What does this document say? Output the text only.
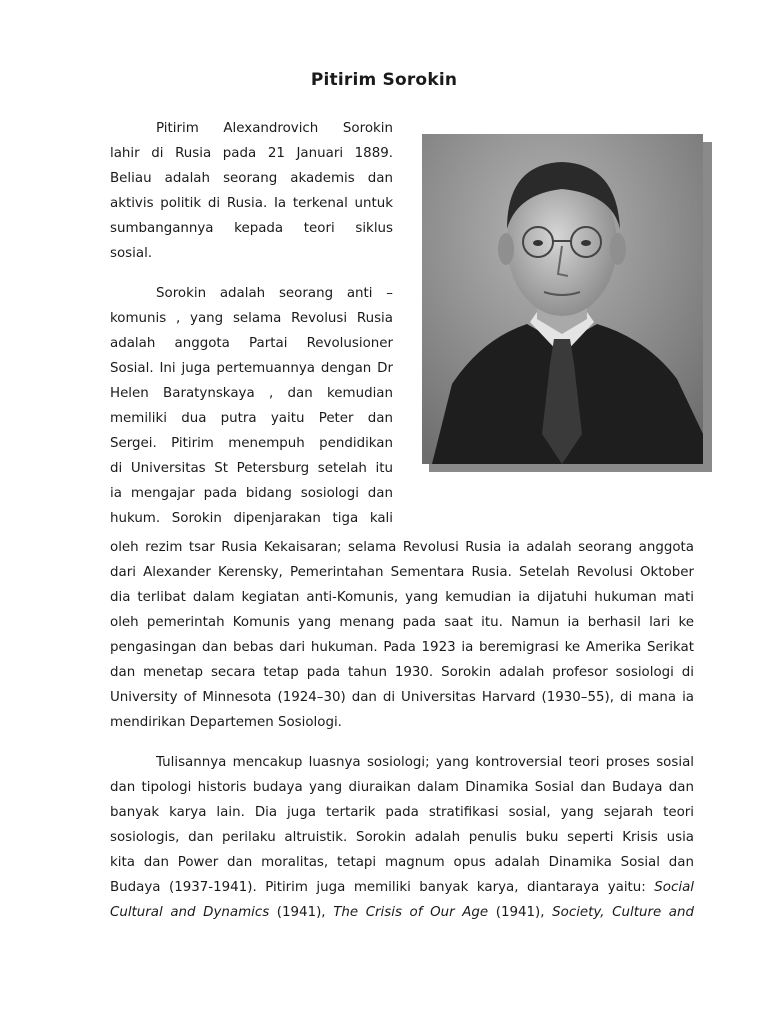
Pitirim Sorokin
Pitirim Alexandrovich Sorokin
lahir di Rusia pada 21 Januari 1889.
Beliau adalah seorang akademis dan
aktivis politik di Rusia. Ia terkenal untuk
sumbangannya kepada teori siklus
sosial.
Sorokin adalah seorang anti –
komunis , yang selama Revolusi Rusia
adalah anggota Partai Revolusioner
Sosial. Ini juga pertemuannya dengan Dr
Helen Baratynskaya , dan kemudian
memiliki dua putra yaitu Peter dan
Sergei. Pitirim menempuh pendidikan
di Universitas St Petersburg setelah itu
ia mengajar pada bidang sosiologi dan
hukum. Sorokin dipenjarakan tiga kali
oleh rezim tsar Rusia Kekaisaran; selama Revolusi Rusia ia adalah seorang anggota
dari Alexander Kerensky, Pemerintahan Sementara Rusia. Setelah Revolusi Oktober
dia terlibat dalam kegiatan anti-Komunis, yang kemudian ia dijatuhi hukuman mati
oleh pemerintah Komunis yang menang pada saat itu. Namun ia berhasil lari ke
pengasingan dan bebas dari hukuman. Pada 1923 ia beremigrasi ke Amerika Serikat
dan menetap secara tetap pada tahun 1930. Sorokin adalah profesor sosiologi di
University of Minnesota (1924–30) dan di Universitas Harvard (1930–55), di mana ia
mendirikan Departemen Sosiologi.
Tulisannya mencakup luasnya sosiologi; yang kontroversial teori proses sosial
dan tipologi historis budaya yang diuraikan dalam Dinamika Sosial dan Budaya dan
banyak karya lain. Dia juga tertarik pada stratifikasi sosial, yang sejarah teori
sosiologis, dan perilaku altruistik. Sorokin adalah penulis buku seperti Krisis usia
kita dan Power dan moralitas, tetapi magnum opus adalah Dinamika Sosial dan
Budaya (1937-1941). Pitirim juga memiliki banyak karya, diantaraya yaitu: Social
Cultural and Dynamics (1941), The Crisis of Our Age (1941), Society, Culture and
